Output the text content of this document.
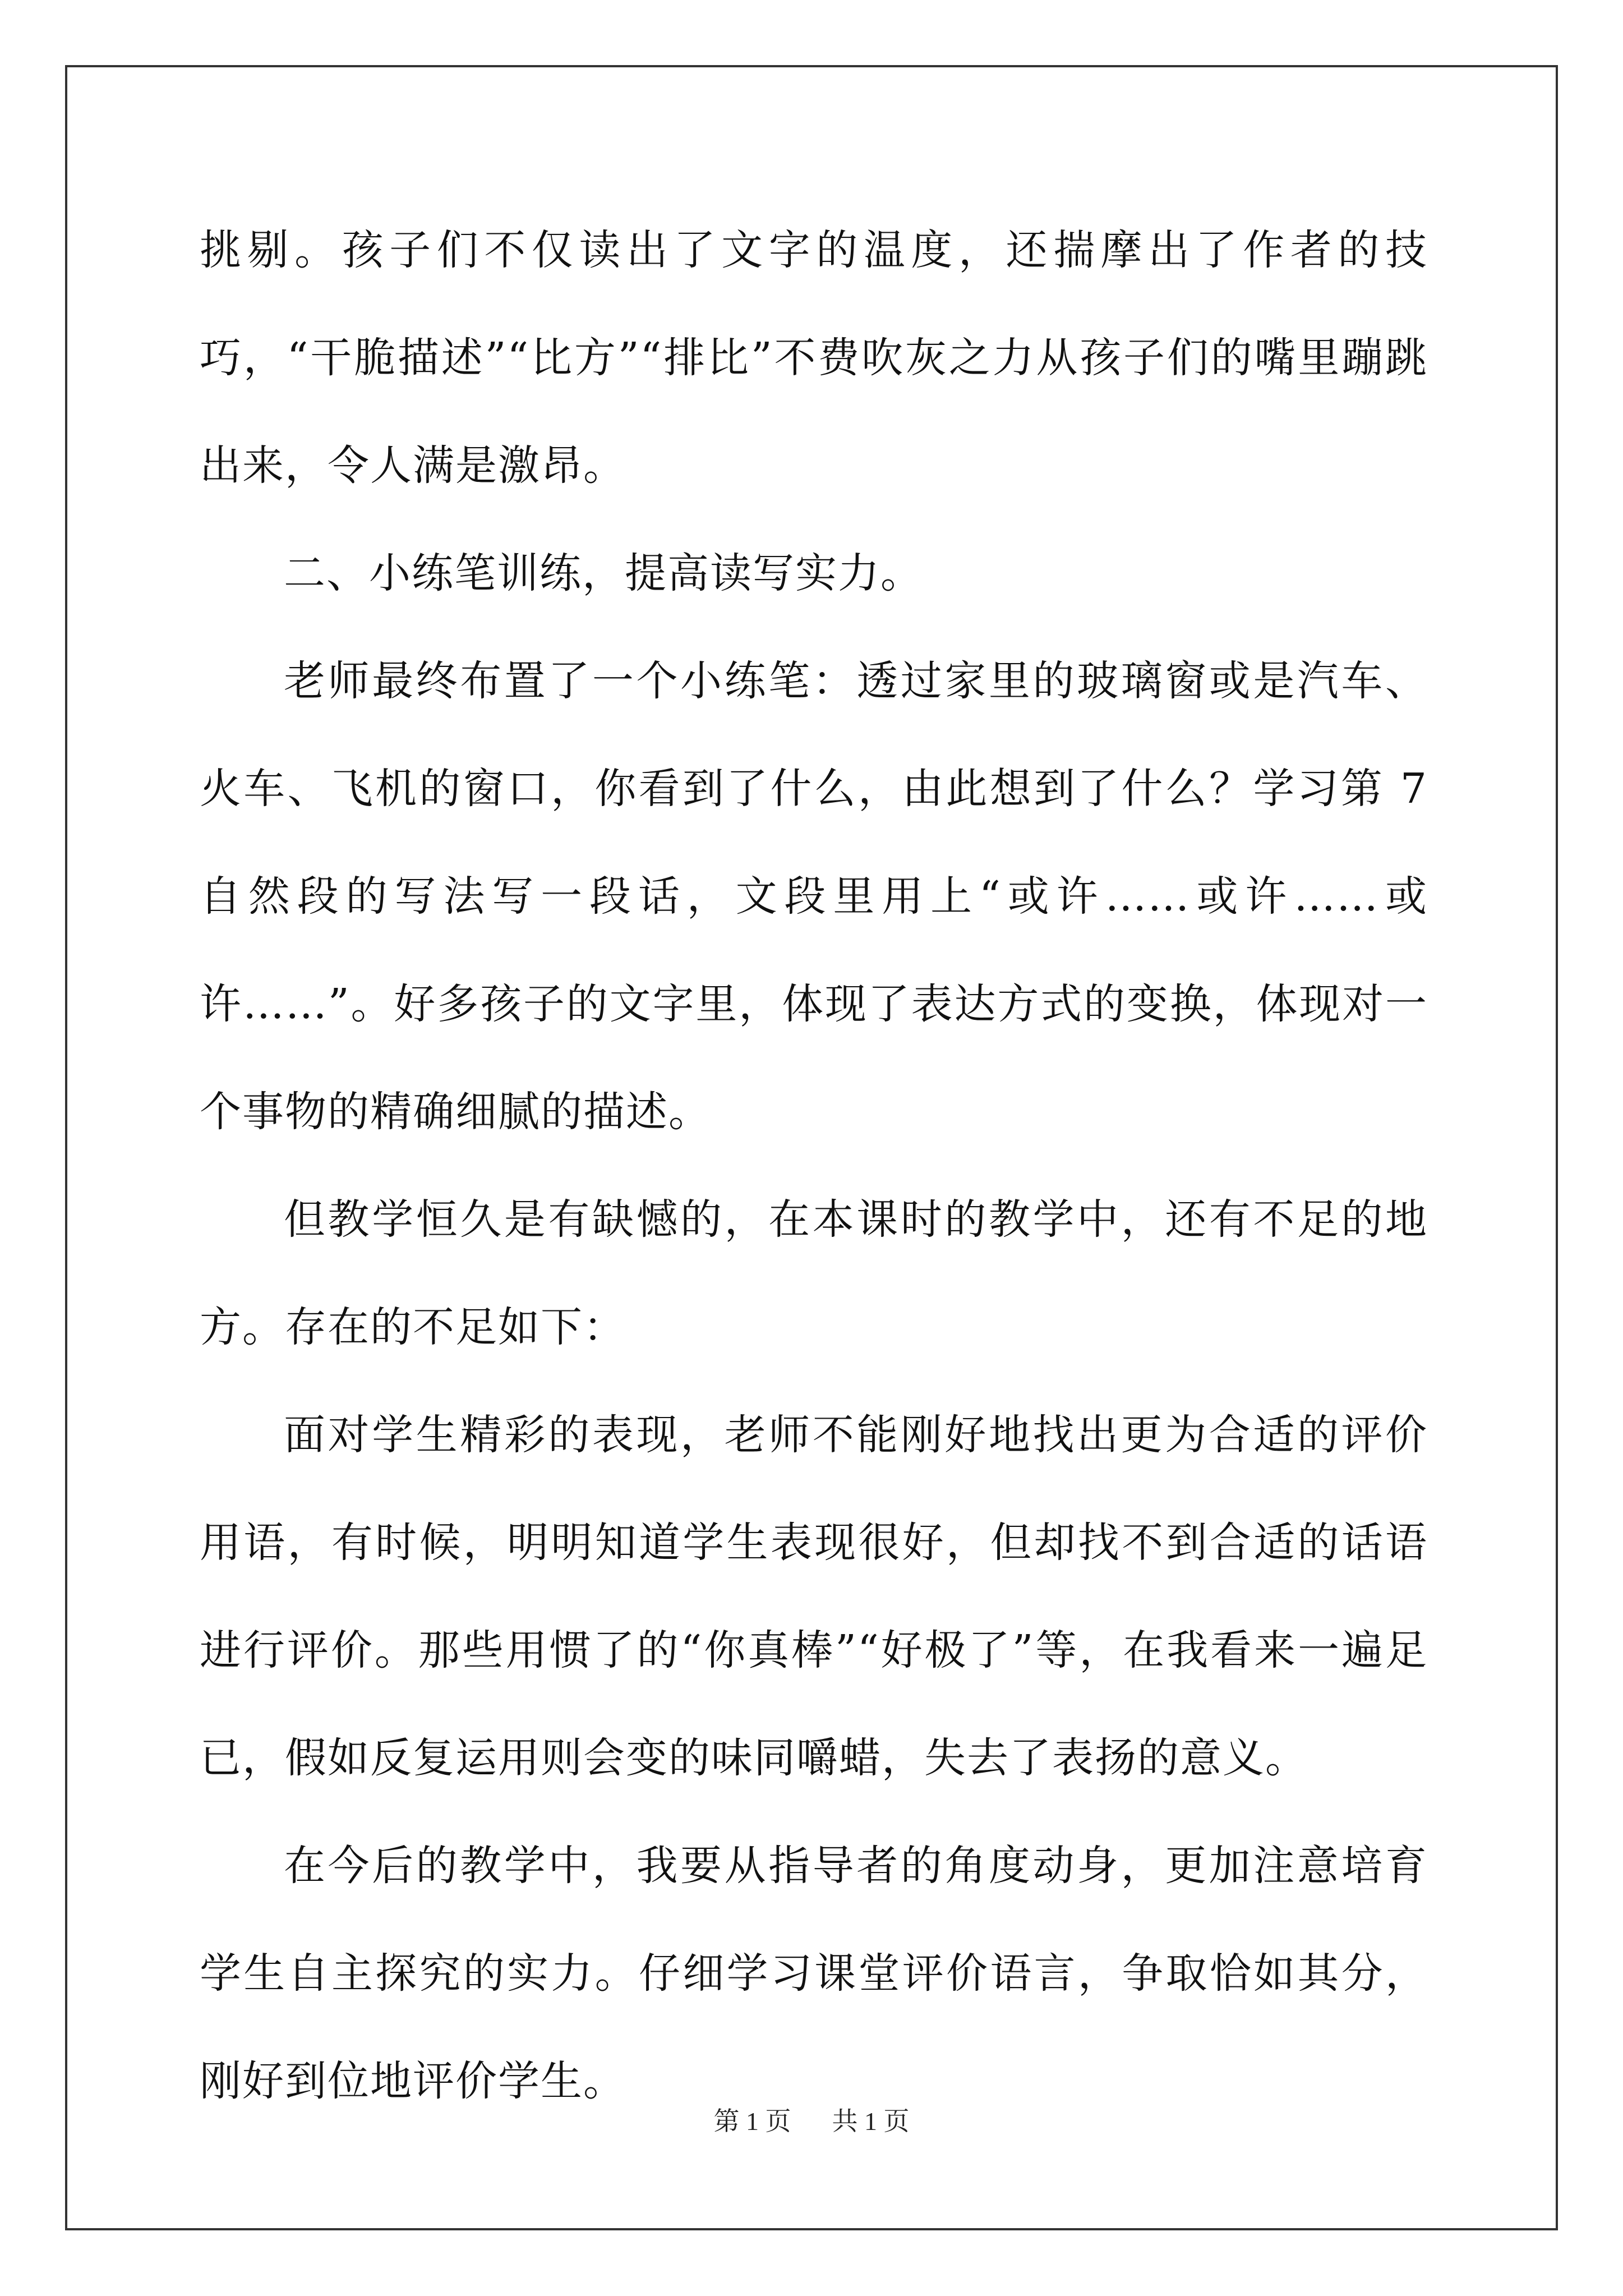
挑剔。孩子们不仅读出了文字的温度，还揣摩出了作者的技巧，“干脆描述”“比方”“排比”不费吹灰之力从孩子们的嘴里蹦跳出来，令人满是激昂。

二、小练笔训练，提高读写实力。

老师最终布置了一个小练笔：透过家里的玻璃窗或是汽车、火车、飞机的窗口，你看到了什么，由此想到了什么？学习第 7 自然段的写法写一段话，文段里用上“或许……或许……或许……”。好多孩子的文字里，体现了表达方式的变换，体现对一个事物的精确细腻的描述。

但教学恒久是有缺憾的，在本课时的教学中，还有不足的地方。存在的不足如下：

面对学生精彩的表现，老师不能刚好地找出更为合适的评价用语，有时候，明明知道学生表现很好，但却找不到合适的话语进行评价。那些用惯了的“你真棒”“好极了”等，在我看来一遍足已，假如反复运用则会变的味同嚼蜡，失去了表扬的意义。

在今后的教学中，我要从指导者的角度动身，更加注意培育学生自主探究的实力。仔细学习课堂评价语言，争取恰如其分，刚好到位地评价学生。

第 1 页 共 1 页
